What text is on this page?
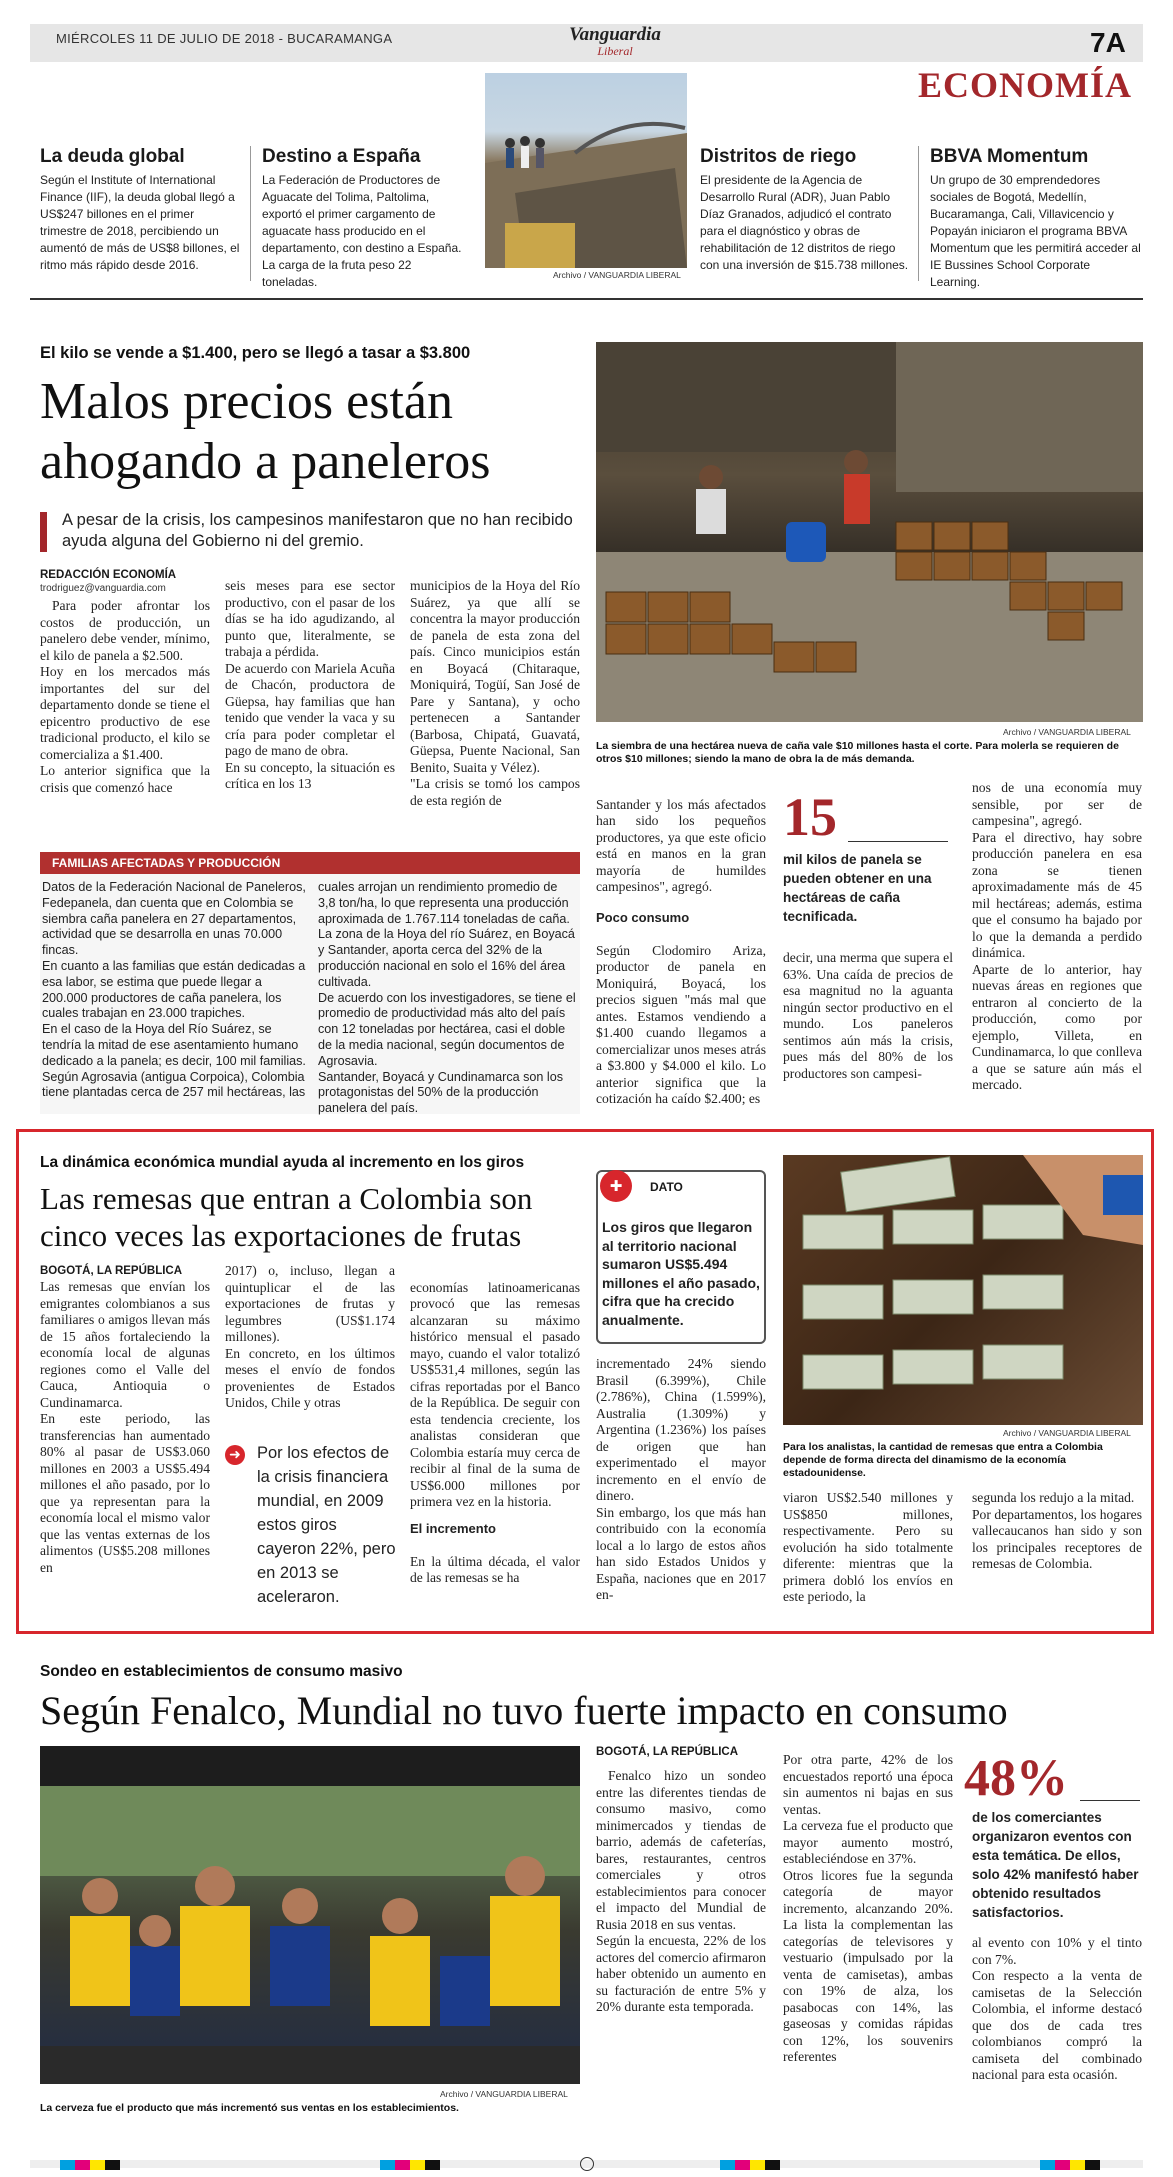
MIÉRCOLES 11 DE JULIO DE 2018 - BUCARAMANGA	Vanguardia
Liberal	7A
ECONOMÍA
La deuda global

Según el Institute of International Finance (IIF), la deuda global llegó a US$247 billones en el primer trimestre de 2018, percibiendo un aumentó de más de US$8 billones, el ritmo más rápido desde 2016.

Destino a España

La Federación de Productores de Aguacate del Tolima, Paltolima, exportó el primer cargamento de aguacate hass producido en el departamento, con destino a España. La carga de la fruta peso 22 toneladas.	Archivo / VANGUARDIA LIBERAL
Distritos de riego

El presidente de la Agencia de Desarrollo Rural (ADR), Juan Pablo Díaz Granados, adjudicó el contrato para el diagnóstico y obras de rehabilitación de 12 distritos de riego con una inversión de $15.738 millones.

BBVA Momentum

Un grupo de 30 emprendedores sociales de Bogotá, Medellín, Bucaramanga, Cali, Villavicencio y Popayán iniciaron el programa BBVA Momentum que les permitirá acceder al IE Bussines School Corporate Learning.

El kilo se vende a $1.400, pero se llegó a tasar a $3.800
Malos precios están
ahogando a paneleros
A pesar de la crisis, los campesinos manifestaron que no han recibido ayuda alguna del Gobierno ni del gremio.
REDACCIÓN ECONOMÍA
trodriguez@vanguardia.com
Para poder afrontar los costos de producción, un panelero debe vender, mínimo, el kilo de panela a $2.500.
Hoy en los mercados más importantes del sur del departamento donde se tiene el epicentro productivo de ese tradicional producto, el kilo se comercializa a $1.400.
Lo anterior significa que la crisis que comenzó hace
seis meses para ese sector productivo, con el pasar de los días se ha ido agudizando, al punto que, literalmente, se trabaja a pérdida.
De acuerdo con Mariela Acuña de Chacón, productora de Güepsa, hay familias que han tenido que vender la vaca y su cría para poder completar el pago de mano de obra.
En su concepto, la situación es crítica en los 13
municipios de la Hoya del Río Suárez, ya que allí se concentra la mayor producción de panela de esta zona del país. Cinco municipios están en Boyacá (Chitaraque, Moniquirá, Togüí, San José de Pare y Santana), y ocho pertenecen a Santander (Barbosa, Chipatá, Guavatá, Güepsa, Puente Nacional, San Benito, Suaita y Vélez).
"La crisis se tomó los campos de esta región de
Archivo / VANGUARDIA LIBERAL
La siembra de una hectárea nueva de caña vale $10 millones hasta el corte. Para molerla se requieren de otros $10 millones; siendo la mano de obra la de más demanda.

Santander y los más afectados han sido los pequeños productores, ya que este oficio está en manos en la gran mayoría de humildes campesinos", agregó.

Poco consumo

Según Clodomiro Ariza, productor de panela en Moniquirá, Boyacá, los precios siguen "más mal que antes. Estamos vendiendo a $1.400 cuando llegamos a comercializar unos meses atrás a $3.800 y $4.000 el kilo. Lo anterior significa que la cotización ha caído $2.400; es

15
mil kilos de panela se pueden obtener en una hectáreas de caña tecnificada.
decir, una merma que supera el 63%. Una caída de precios de esa magnitud no la aguanta ningún sector productivo en el mundo. Los paneleros sentimos aún más la crisis, pues más del 80% de los productores son campesi-
nos de una economía muy sensible, por ser de campesina", agregó.
Para el directivo, hay sobre producción panelera en esa zona se tienen aproximadamente más de 45 mil hectáreas; además, estima que el consumo ha bajado por lo que la demanda a perdido dinámica.
Aparte de lo anterior, hay nuevas áreas en regiones que entraron al concierto de la producción, como por ejemplo, Villeta, en Cundinamarca, lo que conlleva a que se sature aún más el mercado.
FAMILIAS AFECTADAS Y PRODUCCIÓN
Datos de la Federación Nacional de Paneleros, Fedepanela, dan cuenta que en Colombia se siembra caña panelera en 27 departamentos, actividad que se desarrolla en unas 70.000 fincas.
En cuanto a las familias que están dedicadas a esa labor, se estima que puede llegar a 200.000 productores de caña panelera, los cuales trabajan en 23.000 trapiches.
En el caso de la Hoya del Río Suárez, se tendría la mitad de ese asentamiento humano dedicado a la panela; es decir, 100 mil familias.
Según Agrosavia (antigua Corpoica), Colombia tiene plantadas cerca de 257 mil hectáreas, las
cuales arrojan un rendimiento promedio de 3,8 ton/ha, lo que representa una producción aproximada de 1.767.114 toneladas de caña.
La zona de la Hoya del río Suárez, en Boyacá y Santander, aporta cerca del 32% de la producción nacional en solo el 16% del área cultivada.
De acuerdo con los investigadores, se tiene el promedio de productividad más alto del país con 12 toneladas por hectárea, casi el doble de la media nacional, según documentos de Agrosavia.
Santander, Boyacá y Cundinamarca son los protagonistas del 50% de la producción panelera del país.
La dinámica económica mundial ayuda al incremento en los giros
Las remesas que entran a Colombia son
cinco veces las exportaciones de frutas
BOGOTÁ, LA REPÚBLICA
Las remesas que envían los emigrantes colombianos a sus familiares o amigos llevan más de 15 años fortaleciendo la economía local de algunas regiones como el Valle del Cauca, Antioquia o Cundinamarca.
En este periodo, las transferencias han aumentado 80% al pasar de US$3.060 millones en 2003 a US$5.494 millones el año pasado, por lo que ya representan para la economía local el mismo valor que las ventas externas de los alimentos (US$5.208 millones en
2017) o, incluso, llegan a quintuplicar el de las exportaciones de frutas y legumbres (US$1.174 millones).
En concreto, en los últimos meses el envío de fondos provenientes de Estados Unidos, Chile y otras
➜ Por los efectos de la crisis financiera mundial, en 2009 estos giros cayeron 22%, pero en 2013 se aceleraron.

economías latinoamericanas provocó que las remesas alcanzaran su máximo histórico mensual el pasado mayo, cuando el valor totalizó US$531,4 millones, según las cifras reportadas por el Banco de la República. De seguir con esta tendencia creciente, los analistas consideran que Colombia estaría muy cerca de recibir al final de la suma de US$6.000 millones por primera vez en la historia.

El incremento

En la última década, el valor de las remesas se ha

✚	DATO
Los giros que llegaron al territorio nacional sumaron US$5.494 millones el año pasado, cifra que ha crecido anualmente.
incrementado 24% siendo Brasil (6.399%), Chile (2.786%), China (1.599%), Australia (1.309%) y Argentina (1.236%) los países de origen que han experimentado el mayor incremento en el envío de dinero.
Sin embargo, los que más han contribuido con la economía local a lo largo de estos años han sido Estados Unidos y España, naciones que en 2017 en-
Archivo / VANGUARDIA LIBERAL
Para los analistas, la cantidad de remesas que entra a Colombia depende de forma directa del dinamismo de la economía estadounidense.
viaron US$2.540 millones y US$850 millones, respectivamente. Pero su evolución ha sido totalmente diferente: mientras que la primera dobló los envíos en este periodo, la
segunda los redujo a la mitad.
Por departamentos, los hogares vallecaucanos han sido y son los principales receptores de remesas de Colombia.
Sondeo en establecimientos de consumo masivo
Según Fenalco, Mundial no tuvo fuerte impacto en consumo
Archivo / VANGUARDIA LIBERAL
La cerveza fue el producto que más incrementó sus ventas en los establecimientos.
BOGOTÁ, LA REPÚBLICA
Fenalco hizo un sondeo entre las diferentes tiendas de consumo masivo, como minimercados y tiendas de barrio, además de cafeterías, bares, restaurantes, centros comerciales y otros establecimientos para conocer el impacto del Mundial de Rusia 2018 en sus ventas.
Según la encuesta, 22% de los actores del comercio afirmaron haber obtenido un aumento en su facturación de entre 5% y 20% durante esta temporada.
Por otra parte, 42% de los encuestados reportó una época sin aumentos ni bajas en sus ventas.
La cerveza fue el producto que mayor aumento mostró, estableciéndose en 37%.
Otros licores fue la segunda categoría de mayor incremento, alcanzando 20%. La lista la complementan las categorías de televisores y vestuario (impulsado por la venta de camisetas), ambas con 19% de alza, los pasabocas con 14%, las gaseosas y comidas rápidas con 12%, los souvenirs referentes
48%
de los comerciantes organizaron eventos con esta temática. De ellos, solo 42% manifestó haber obtenido resultados satisfactorios.
al evento con 10% y el tinto con 7%.
Con respecto a la venta de camisetas de la Selección Colombia, el informe destacó que dos de cada tres colombianos compró la camiseta del combinado nacional para esta ocasión.
